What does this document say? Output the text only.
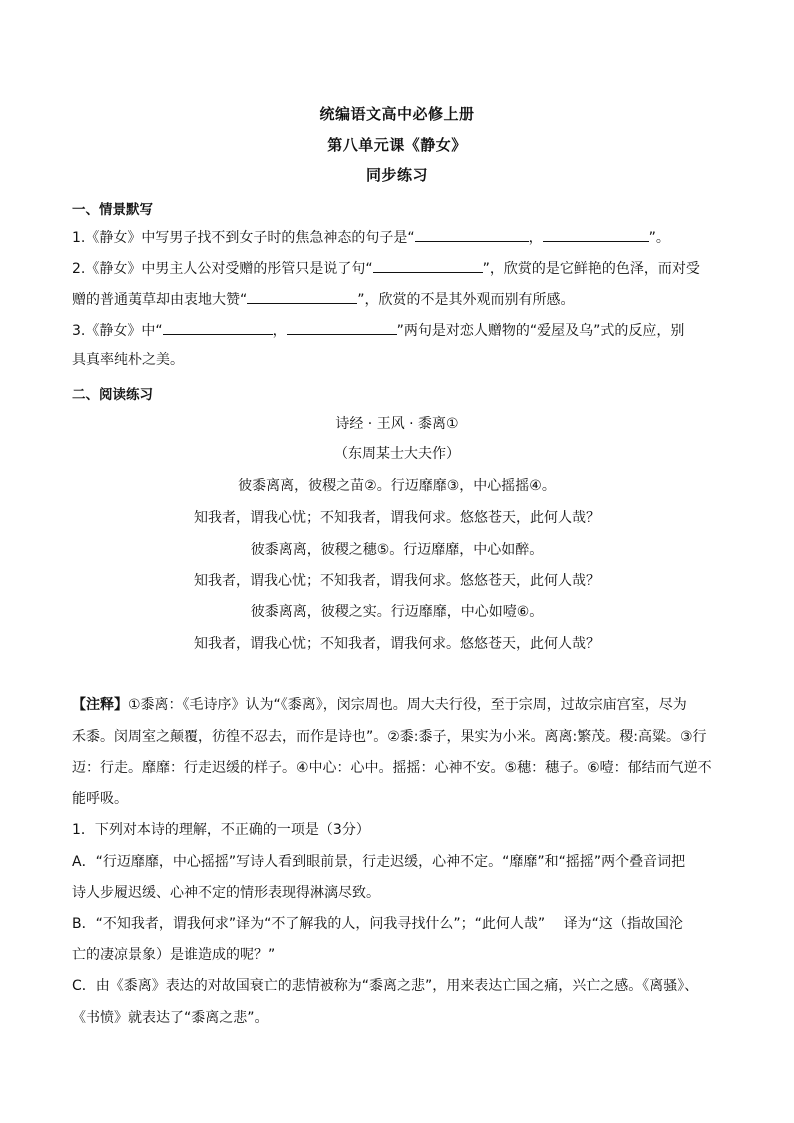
统编语文高中必修上册
第八单元课《静女》
同步练习
一、情景默写
1.《静女》中写男子找不到女子时的焦急神态的句子是“	，	”。
2.《静女》中男主人公对受赠的彤管只是说了句“	”，欣赏的是它鲜艳的色泽，而对受
赠的普通荑草却由衷地大赞“	”，欣赏的不是其外观而别有所感。
3.《静女》中“	，	”两句是对恋人赠物的“爱屋及乌”式的反应，别
具真率纯朴之美。
二、阅读练习
诗经 · 王风 · 黍离①
（东周某士大夫作）
彼黍离离，彼稷之苗②。行迈靡靡③，中心摇摇④。
知我者，谓我心忧；不知我者，谓我何求。悠悠苍天，此何人哉？
彼黍离离，彼稷之穗⑤。行迈靡靡，中心如醉。
知我者，谓我心忧；不知我者，谓我何求。悠悠苍天，此何人哉？
彼黍离离，彼稷之实。行迈靡靡，中心如噎⑥。
知我者，谓我心忧；不知我者，谓我何求。悠悠苍天，此何人哉？
【注释】①黍离：《毛诗序》认为“《黍离》，闵宗周也。周大夫行役，至于宗周，过故宗庙宫室，尽为
禾黍。闵周室之颠覆，彷徨不忍去，而作是诗也”。②黍:黍子，果实为小米。离离:繁茂。稷:高粱。③行
迈：行走。靡靡：行走迟缓的样子。④中心：心中。摇摇：心神不安。⑤穗：穗子。⑥噎：郁结而气逆不
能呼吸。
1．下列对本诗的理解，不正确的一项是（3分）
A．“行迈靡靡，中心摇摇”写诗人看到眼前景，行走迟缓，心神不定。“靡靡”和“摇摇”两个叠音词把
诗人步履迟缓、心神不定的情形表现得淋漓尽致。
B．“不知我者，谓我何求”译为“不了解我的人，问我寻找什么”；“此何人哉”　 译为“这（指故国沦
亡的凄凉景象）是谁造成的呢？”
C．由《黍离》表达的对故国衰亡的悲情被称为“黍离之悲”，用来表达亡国之痛，兴亡之感。《离骚》、
《书愤》就表达了“黍离之悲”。
